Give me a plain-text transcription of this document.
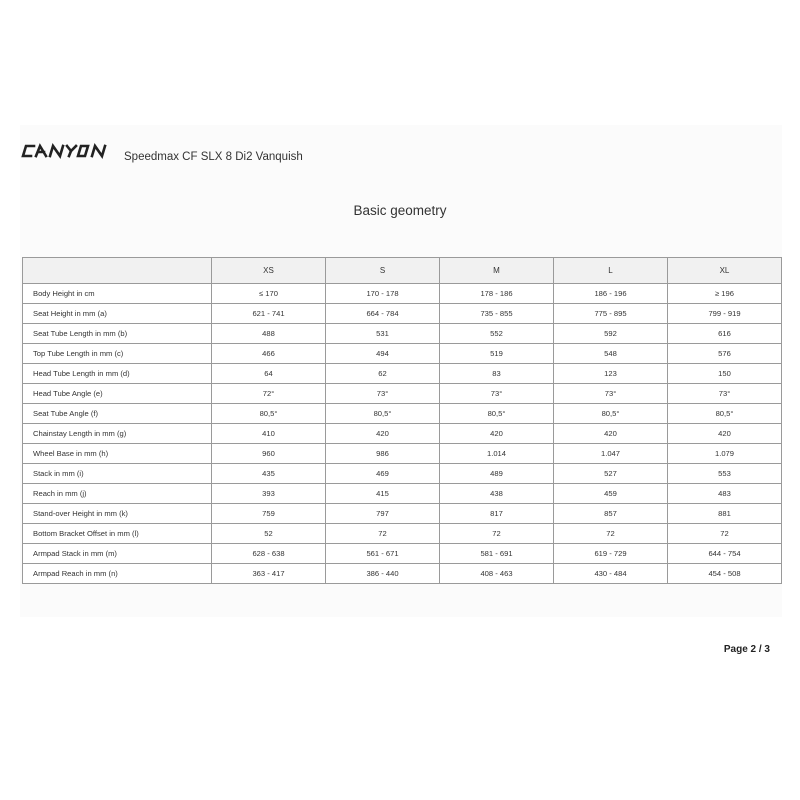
Speedmax CF SLX 8 Di2 Vanquish
Basic geometry
	XS	S	M	L	XL
Body Height in cm	≤ 170	170 - 178	178 - 186	186 - 196	≥ 196
Seat Height in mm (a)	621 - 741	664 - 784	735 - 855	775 - 895	799 - 919
Seat Tube Length in mm (b)	488	531	552	592	616
Top Tube Length in mm (c)	466	494	519	548	576
Head Tube Length in mm (d)	64	62	83	123	150
Head Tube Angle (e)	72°	73°	73°	73°	73°
Seat Tube Angle (f)	80,5°	80,5°	80,5°	80,5°	80,5°
Chainstay Length in mm (g)	410	420	420	420	420
Wheel Base in mm (h)	960	986	1.014	1.047	1.079
Stack in mm (i)	435	469	489	527	553
Reach in mm (j)	393	415	438	459	483
Stand-over Height in mm (k)	759	797	817	857	881
Bottom Bracket Offset in mm (l)	52	72	72	72	72
Armpad Stack in mm (m)	628 - 638	561 - 671	581 - 691	619 - 729	644 - 754
Armpad Reach in mm (n)	363 - 417	386 - 440	408 - 463	430 - 484	454 - 508
Page 2 / 3
